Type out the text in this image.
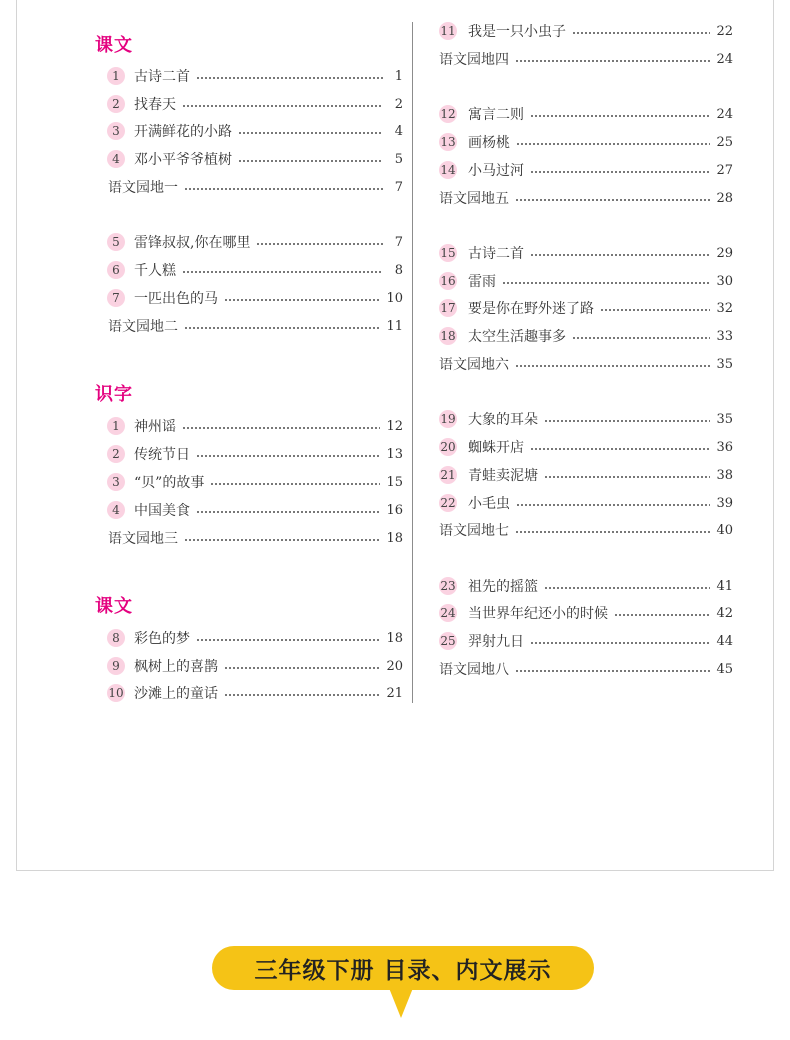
课文
1	古诗二首	1
2	找春天	2
3	开满鲜花的小路	4
4	邓小平爷爷植树	5
语文园地一	7
5	雷锋叔叔,你在哪里	7
6	千人糕	8
7	一匹出色的马	10
语文园地二	11
识字
1	神州谣	12
2	传统节日	13
3	“贝”的故事	15
4	中国美食	16
语文园地三	18
课文
8	彩色的梦	18
9	枫树上的喜鹊	20
10 沙滩上的童话	21
11 我是一只小虫子	22
语文园地四	24
12 寓言二则	24
13 画杨桃	25
14 小马过河	27
语文园地五	28
15 古诗二首	29
16 雷雨	30
17 要是你在野外迷了路	32
18 太空生活趣事多	33
语文园地六	35
19 大象的耳朵	35
20 蜘蛛开店	36
21 青蛙卖泥塘	38
22 小毛虫	39
语文园地七	40
23 祖先的摇篮	41
24 当世界年纪还小的时候	42
25 羿射九日	44
语文园地八	45
三年级下册 目录、内文展示
